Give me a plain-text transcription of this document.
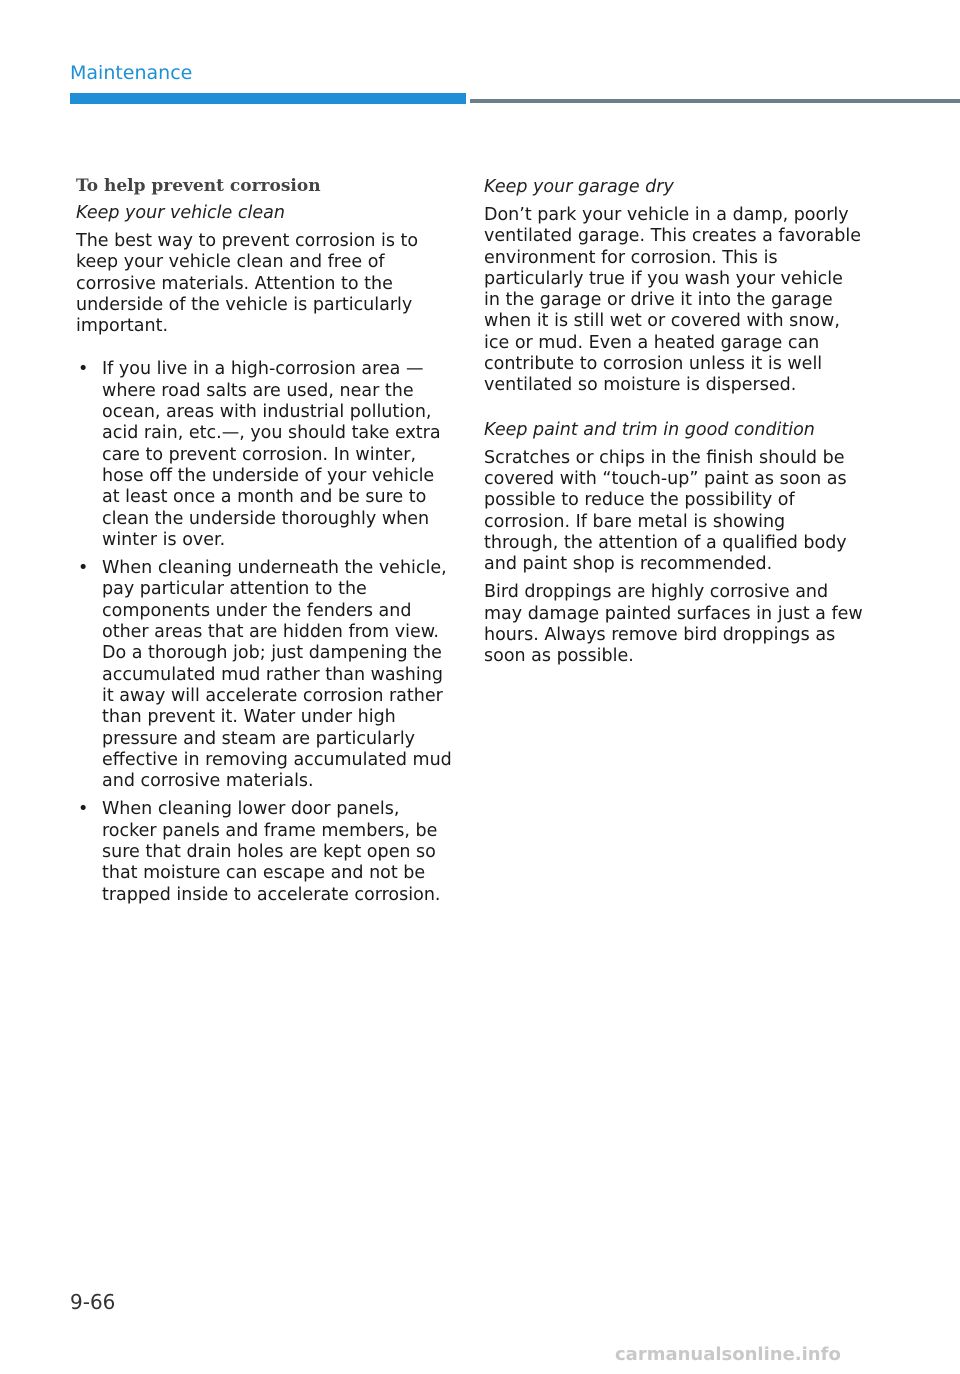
Maintenance
To help prevent corrosion
Keep your vehicle clean

The best way to prevent corrosion is to keep your vehicle clean and free of corrosive materials. Attention to the underside of the vehicle is particularly important.

• If you live in a high-corrosion area — where road salts are used, near the ocean, areas with industrial pollution, acid rain, etc.—, you should take extra care to prevent corrosion. In winter, hose off the underside of your vehicle at least once a month and be sure to clean the underside thoroughly when winter is over.
• When cleaning underneath the vehicle, pay particular attention to the components under the fenders and other areas that are hidden from view. Do a thorough job; just dampening the accumulated mud rather than washing it away will accelerate corrosion rather than prevent it. Water under high pressure and steam are particularly effective in removing accumulated mud and corrosive materials.
• When cleaning lower door panels, rocker panels and frame members, be sure that drain holes are kept open so that moisture can escape and not be trapped inside to accelerate corrosion.
Keep your garage dry

Don’t park your vehicle in a damp, poorly ventilated garage. This creates a favorable environment for corrosion. This is particularly true if you wash your vehicle in the garage or drive it into the garage when it is still wet or covered with snow, ice or mud. Even a heated garage can contribute to corrosion unless it is well ventilated so moisture is dispersed.

Keep paint and trim in good condition

Scratches or chips in the finish should be covered with “touch-up” paint as soon as possible to reduce the possibility of corrosion. If bare metal is showing through, the attention of a qualified body and paint shop is recommended.

Bird droppings are highly corrosive and may damage painted surfaces in just a few hours. Always remove bird droppings as soon as possible.

9-66
carmanualsonline.info
